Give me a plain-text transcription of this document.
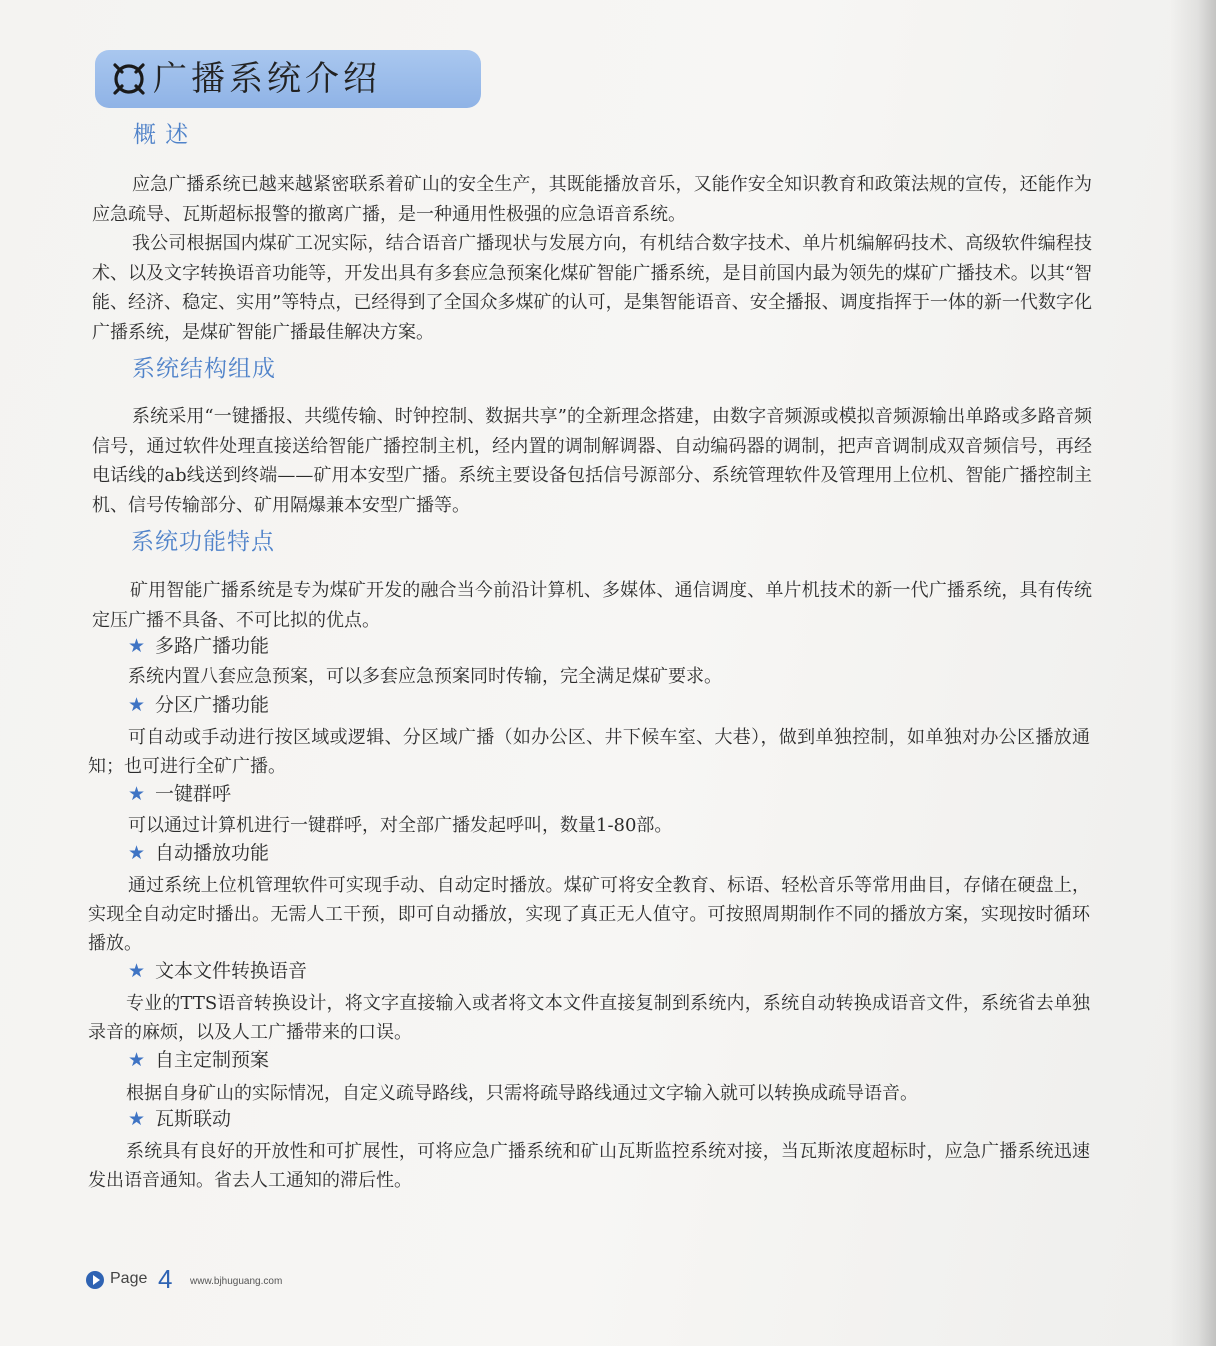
广播系统介绍
概 述
应急广播系统已越来越紧密联系着矿山的安全生产，其既能播放音乐，又能作安全知识教育和政策法规的宣传，还能作为应急疏导、瓦斯超标报警的撤离广播，是一种通用性极强的应急语音系统。
我公司根据国内煤矿工况实际，结合语音广播现状与发展方向，有机结合数字技术、单片机编解码技术、高级软件编程技术、以及文字转换语音功能等，开发出具有多套应急预案化煤矿智能广播系统，是目前国内最为领先的煤矿广播技术。以其“智能、经济、稳定、实用”等特点，已经得到了全国众多煤矿的认可，是集智能语音、安全播报、调度指挥于一体的新一代数字化广播系统，是煤矿智能广播最佳解决方案。
系统结构组成
系统采用“一键播报、共缆传输、时钟控制、数据共享”的全新理念搭建，由数字音频源或模拟音频源输出单路或多路音频信号，通过软件处理直接送给智能广播控制主机，经内置的调制解调器、自动编码器的调制，把声音调制成双音频信号，再经电话线的ab线送到终端——矿用本安型广播。系统主要设备包括信号源部分、系统管理软件及管理用上位机、智能广播控制主机、信号传输部分、矿用隔爆兼本安型广播等。
系统功能特点
矿用智能广播系统是专为煤矿开发的融合当今前沿计算机、多媒体、通信调度、单片机技术的新一代广播系统，具有传统定压广播不具备、不可比拟的优点。
★ 多路广播功能
系统内置八套应急预案，可以多套应急预案同时传输，完全满足煤矿要求。
★ 分区广播功能
可自动或手动进行按区域或逻辑、分区域广播（如办公区、井下候车室、大巷），做到单独控制，如单独对办公区播放通知；也可进行全矿广播。
★ 一键群呼
可以通过计算机进行一键群呼，对全部广播发起呼叫，数量1-80部。
★ 自动播放功能
通过系统上位机管理软件可实现手动、自动定时播放。煤矿可将安全教育、标语、轻松音乐等常用曲目，存储在硬盘上，实现全自动定时播出。无需人工干预，即可自动播放，实现了真正无人值守。可按照周期制作不同的播放方案，实现按时循环播放。
★ 文本文件转换语音
专业的TTS语音转换设计，将文字直接输入或者将文本文件直接复制到系统内，系统自动转换成语音文件，系统省去单独录音的麻烦，以及人工广播带来的口误。
★ 自主定制预案
根据自身矿山的实际情况，自定义疏导路线，只需将疏导路线通过文字输入就可以转换成疏导语音。
★ 瓦斯联动
系统具有良好的开放性和可扩展性，可将应急广播系统和矿山瓦斯监控系统对接，当瓦斯浓度超标时，应急广播系统迅速发出语音通知。省去人工通知的滞后性。
Page 4 www.bjhuguang.com
